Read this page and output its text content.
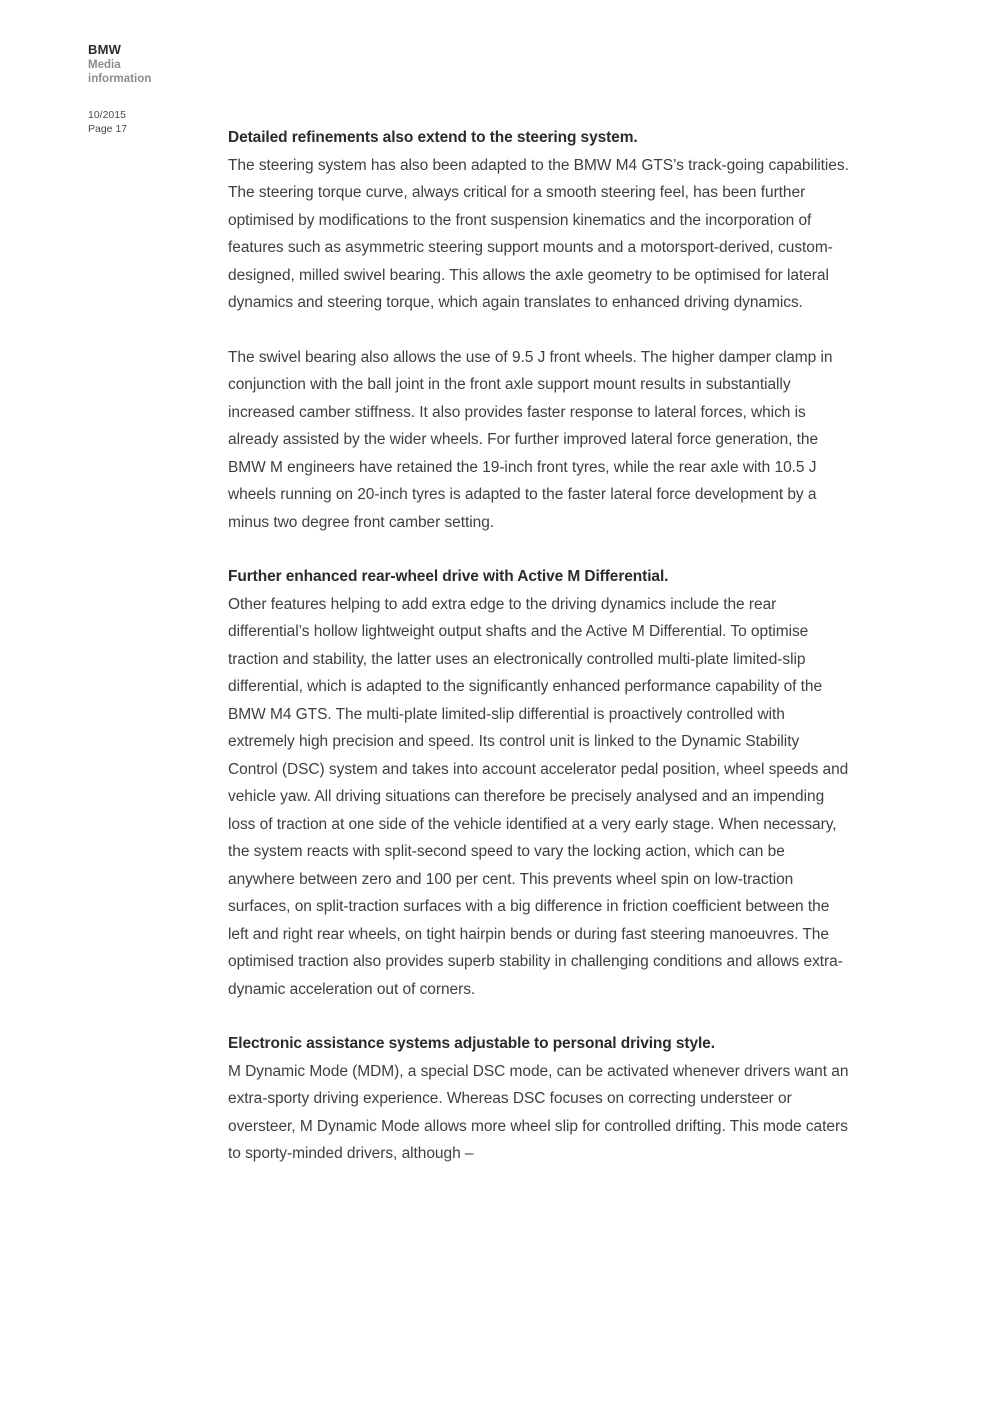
BMW
Media
information
10/2015
Page 17	Detailed refinements also extend to the steering system.

The steering system has also been adapted to the BMW M4 GTS’s track-going capabilities. The steering torque curve, always critical for a smooth steering feel, has been further optimised by modifications to the front suspension kinematics and the incorporation of features such as asymmetric steering support mounts and a motorsport-derived, custom-designed, milled swivel bearing. This allows the axle geometry to be optimised for lateral dynamics and steering torque, which again translates to enhanced driving dynamics.

The swivel bearing also allows the use of 9.5 J front wheels. The higher damper clamp in conjunction with the ball joint in the front axle support mount results in substantially increased camber stiffness. It also provides faster response to lateral forces, which is already assisted by the wider wheels. For further improved lateral force generation, the BMW M engineers have retained the 19-inch front tyres, while the rear axle with 10.5 J wheels running on 20-inch tyres is adapted to the faster lateral force development by a minus two degree front camber setting.

Further enhanced rear-wheel drive with Active M Differential.

Other features helping to add extra edge to the driving dynamics include the rear differential’s hollow lightweight output shafts and the Active M Differential. To optimise traction and stability, the latter uses an electronically controlled multi-plate limited-slip differential, which is adapted to the significantly enhanced performance capability of the BMW M4 GTS. The multi-plate limited-slip differential is proactively controlled with extremely high precision and speed. Its control unit is linked to the Dynamic Stability Control (DSC) system and takes into account accelerator pedal position, wheel speeds and vehicle yaw. All driving situations can therefore be precisely analysed and an impending loss of traction at one side of the vehicle identified at a very early stage. When necessary, the system reacts with split-second speed to vary the locking action, which can be anywhere between zero and 100 per cent. This prevents wheel spin on low-traction surfaces, on split-traction surfaces with a big difference in friction coefficient between the left and right rear wheels, on tight hairpin bends or during fast steering manoeuvres. The optimised traction also provides superb stability in challenging conditions and allows extra-dynamic acceleration out of corners.

Electronic assistance systems adjustable to personal driving style.

M Dynamic Mode (MDM), a special DSC mode, can be activated whenever drivers want an extra-sporty driving experience. Whereas DSC focuses on correcting understeer or oversteer, M Dynamic Mode allows more wheel slip for controlled drifting. This mode caters to sporty-minded drivers, although –
